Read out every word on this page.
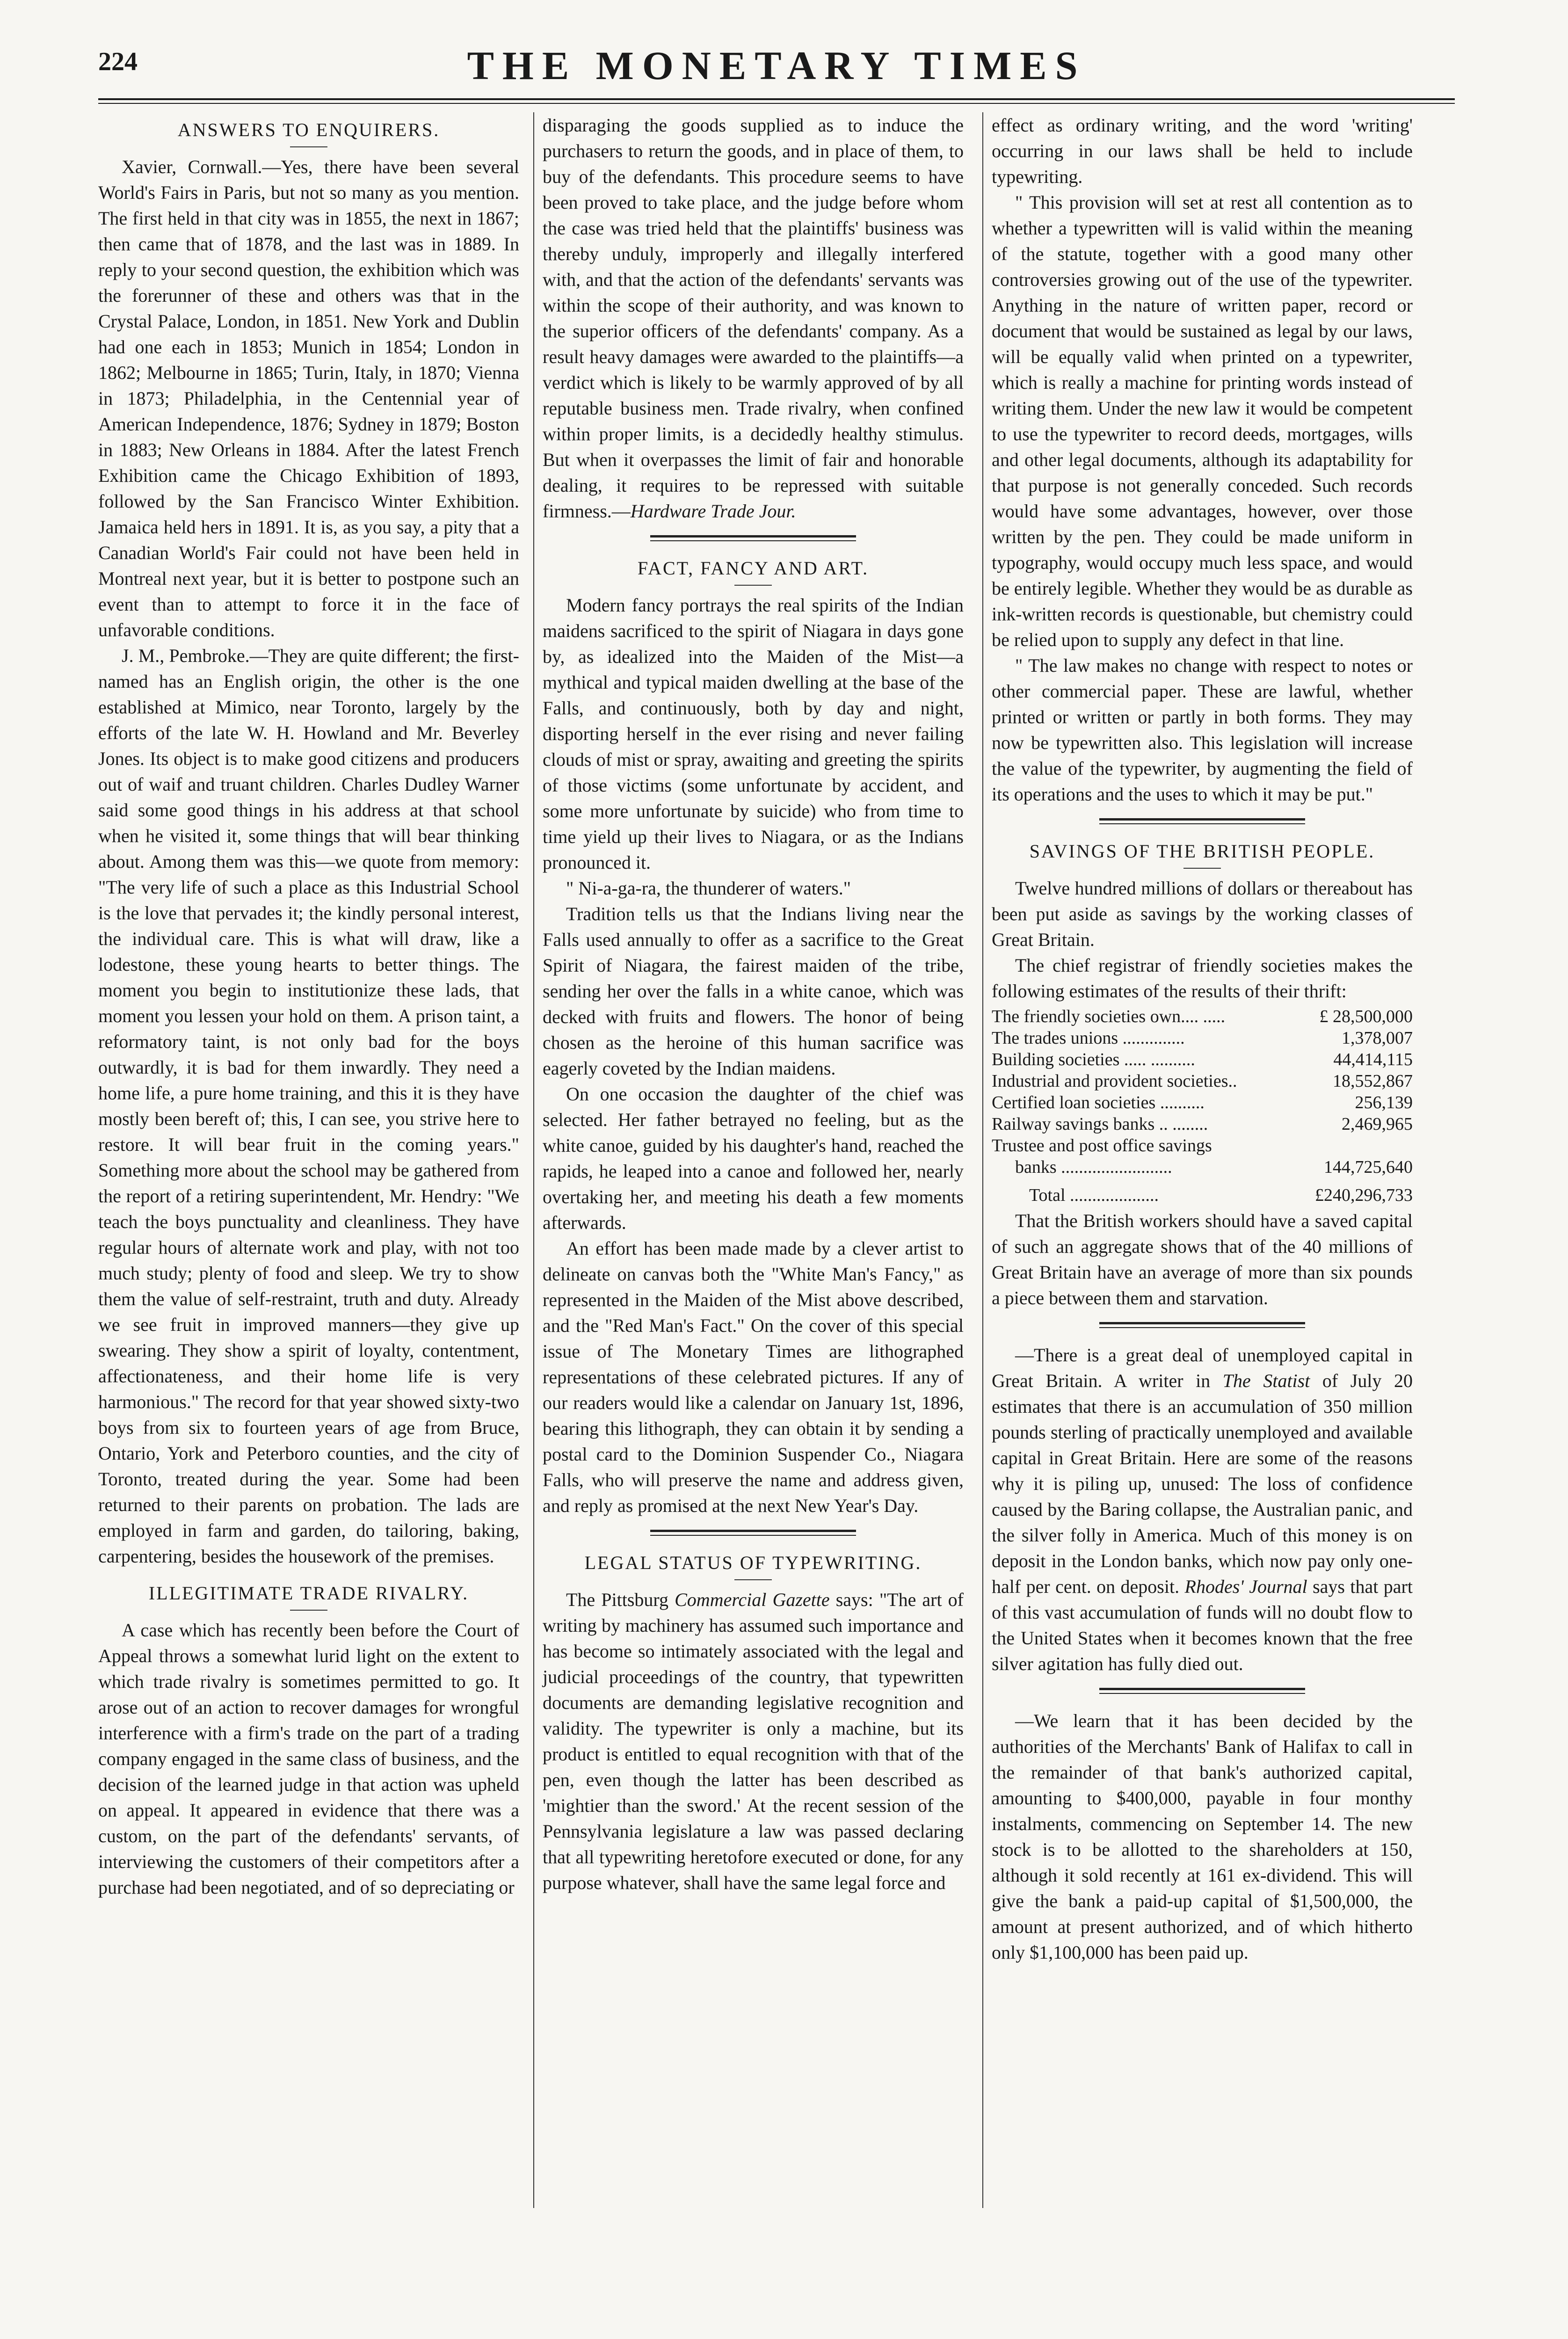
224	THE MONETARY TIMES
ANSWERS TO ENQUIRERS.

Xavier, Cornwall.—Yes, there have been several World's Fairs in Paris, but not so many as you mention. The first held in that city was in 1855, the next in 1867; then came that of 1878, and the last was in 1889. In reply to your second question, the exhibition which was the forerunner of these and others was that in the Crystal Palace, London, in 1851. New York and Dublin had one each in 1853; Munich in 1854; London in 1862; Melbourne in 1865; Turin, Italy, in 1870; Vienna in 1873; Philadelphia, in the Centennial year of American Independence, 1876; Sydney in 1879; Boston in 1883; New Orleans in 1884. After the latest French Exhibition came the Chicago Exhibition of 1893, followed by the San Francisco Winter Exhibition. Jamaica held hers in 1891. It is, as you say, a pity that a Canadian World's Fair could not have been held in Montreal next year, but it is better to postpone such an event than to attempt to force it in the face of unfavorable conditions.

J. M., Pembroke.—They are quite different; the first-named has an English origin, the other is the one established at Mimico, near Toronto, largely by the efforts of the late W. H. Howland and Mr. Beverley Jones. Its object is to make good citizens and producers out of waif and truant children. Charles Dudley Warner said some good things in his address at that school when he visited it, some things that will bear thinking about. Among them was this—we quote from memory: "The very life of such a place as this Industrial School is the love that pervades it; the kindly personal interest, the individual care. This is what will draw, like a lodestone, these young hearts to better things. The moment you begin to institutionize these lads, that moment you lessen your hold on them. A prison taint, a reformatory taint, is not only bad for the boys outwardly, it is bad for them inwardly. They need a home life, a pure home training, and this it is they have mostly been bereft of; this, I can see, you strive here to restore. It will bear fruit in the coming years." Something more about the school may be gathered from the report of a retiring superintendent, Mr. Hendry: "We teach the boys punctuality and cleanliness. They have regular hours of alternate work and play, with not too much study; plenty of food and sleep. We try to show them the value of self-restraint, truth and duty. Already we see fruit in improved manners—they give up swearing. They show a spirit of loyalty, contentment, affectionateness, and their home life is very harmonious." The record for that year showed sixty-two boys from six to fourteen years of age from Bruce, Ontario, York and Peterboro counties, and the city of Toronto, treated during the year. Some had been returned to their parents on probation. The lads are employed in farm and garden, do tailoring, baking, carpentering, besides the housework of the premises.

ILLEGITIMATE TRADE RIVALRY.

A case which has recently been before the Court of Appeal throws a somewhat lurid light on the extent to which trade rivalry is sometimes permitted to go. It arose out of an action to recover damages for wrongful interference with a firm's trade on the part of a trading company engaged in the same class of business, and the decision of the learned judge in that action was upheld on appeal. It appeared in evidence that there was a custom, on the part of the defendants' servants, of interviewing the customers of their competitors after a purchase had been negotiated, and of so depreciating or

disparaging the goods supplied as to induce the purchasers to return the goods, and in place of them, to buy of the defendants. This procedure seems to have been proved to take place, and the judge before whom the case was tried held that the plaintiffs' business was thereby unduly, improperly and illegally interfered with, and that the action of the defendants' servants was within the scope of their authority, and was known to the superior officers of the defendants' company. As a result heavy damages were awarded to the plaintiffs—a verdict which is likely to be warmly approved of by all reputable business men. Trade rivalry, when confined within proper limits, is a decidedly healthy stimulus. But when it overpasses the limit of fair and honorable dealing, it requires to be repressed with suitable firmness.—Hardware Trade Jour.

FACT, FANCY AND ART.

Modern fancy portrays the real spirits of the Indian maidens sacrificed to the spirit of Niagara in days gone by, as idealized into the Maiden of the Mist—a mythical and typical maiden dwelling at the base of the Falls, and continuously, both by day and night, disporting herself in the ever rising and never failing clouds of mist or spray, awaiting and greeting the spirits of those victims (some unfortunate by accident, and some more unfortunate by suicide) who from time to time yield up their lives to Niagara, or as the Indians pronounced it.

" Ni-a-ga-ra, the thunderer of waters."

Tradition tells us that the Indians living near the Falls used annually to offer as a sacrifice to the Great Spirit of Niagara, the fairest maiden of the tribe, sending her over the falls in a white canoe, which was decked with fruits and flowers. The honor of being chosen as the heroine of this human sacrifice was eagerly coveted by the Indian maidens.

On one occasion the daughter of the chief was selected. Her father betrayed no feeling, but as the white canoe, guided by his daughter's hand, reached the rapids, he leaped into a canoe and followed her, nearly overtaking her, and meeting his death a few moments afterwards.

An effort has been made made by a clever artist to delineate on canvas both the "White Man's Fancy," as represented in the Maiden of the Mist above described, and the "Red Man's Fact." On the cover of this special issue of The Monetary Times are lithographed representations of these celebrated pictures. If any of our readers would like a calendar on January 1st, 1896, bearing this lithograph, they can obtain it by sending a postal card to the Dominion Suspender Co., Niagara Falls, who will preserve the name and address given, and reply as promised at the next New Year's Day.

LEGAL STATUS OF TYPEWRITING.

The Pittsburg Commercial Gazette says: "The art of writing by machinery has assumed such importance and has become so intimately associated with the legal and judicial proceedings of the country, that typewritten documents are demanding legislative recognition and validity. The typewriter is only a machine, but its product is entitled to equal recognition with that of the pen, even though the latter has been described as 'mightier than the sword.' At the recent session of the Pennsylvania legislature a law was passed declaring that all typewriting heretofore executed or done, for any purpose whatever, shall have the same legal force and

effect as ordinary writing, and the word 'writing' occurring in our laws shall be held to include typewriting.

" This provision will set at rest all contention as to whether a typewritten will is valid within the meaning of the statute, together with a good many other controversies growing out of the use of the typewriter. Anything in the nature of written paper, record or document that would be sustained as legal by our laws, will be equally valid when printed on a typewriter, which is really a machine for printing words instead of writing them. Under the new law it would be competent to use the typewriter to record deeds, mortgages, wills and other legal documents, although its adaptability for that purpose is not generally conceded. Such records would have some advantages, however, over those written by the pen. They could be made uniform in typography, would occupy much less space, and would be entirely legible. Whether they would be as durable as ink-written records is questionable, but chemistry could be relied upon to supply any defect in that line.

" The law makes no change with respect to notes or other commercial paper. These are lawful, whether printed or written or partly in both forms. They may now be typewritten also. This legislation will increase the value of the typewriter, by augmenting the field of its operations and the uses to which it may be put."

SAVINGS OF THE BRITISH PEOPLE.

Twelve hundred millions of dollars or thereabout has been put aside as savings by the working classes of Great Britain.

The chief registrar of friendly societies makes the following estimates of the results of their thrift:

The friendly societies own.... .....	£ 28,500,000
The trades unions ..............	1,378,007
Building societies ..... ..........	44,414,115
Industrial and provident societies..	18,552,867
Certified loan societies ..........	256,139
Railway savings banks .. ........	2,469,965
Trustee and post office savings
banks .........................	144,725,640
Total ....................	£240,296,733

That the British workers should have a saved capital of such an aggregate shows that of the 40 millions of Great Britain have an average of more than six pounds a piece between them and starvation.

—There is a great deal of unemployed capital in Great Britain. A writer in The Statist of July 20 estimates that there is an accumulation of 350 million pounds sterling of practically unemployed and available capital in Great Britain. Here are some of the reasons why it is piling up, unused: The loss of confidence caused by the Baring collapse, the Australian panic, and the silver folly in America. Much of this money is on deposit in the London banks, which now pay only one-half per cent. on deposit. Rhodes' Journal says that part of this vast accumulation of funds will no doubt flow to the United States when it becomes known that the free silver agitation has fully died out.

—We learn that it has been decided by the authorities of the Merchants' Bank of Halifax to call in the remainder of that bank's authorized capital, amounting to $400,000, payable in four monthy instalments, commencing on September 14. The new stock is to be allotted to the shareholders at 150, although it sold recently at 161 ex-dividend. This will give the bank a paid-up capital of $1,500,000, the amount at present authorized, and of which hitherto only $1,100,000 has been paid up.
